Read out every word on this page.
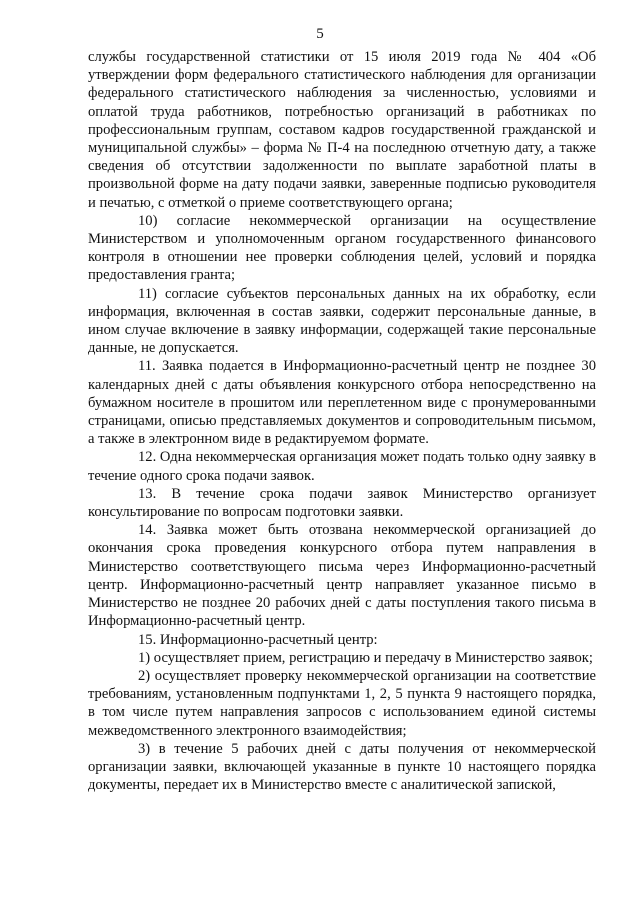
5

службы государственной статистики от 15 июля 2019 года № 404 «Об утверждении форм федерального статистического наблюдения для организации федерального статистического наблюдения за численностью, условиями и оплатой труда работников, потребностью организаций в работниках по профессиональным группам, составом кадров государственной гражданской и муниципальной службы» – форма № П-4 на последнюю отчетную дату, а также сведения об отсутствии задолженности по выплате заработной платы в произвольной форме на дату подачи заявки, заверенные подписью руководителя и печатью, с отметкой о приеме соответствующего органа;

10) согласие некоммерческой организации на осуществление Министерством и уполномоченным органом государственного финансового контроля в отношении нее проверки соблюдения целей, условий и порядка предоставления гранта;

11) согласие субъектов персональных данных на их обработку, если информация, включенная в состав заявки, содержит персональные данные, в ином случае включение в заявку информации, содержащей такие персональные данные, не допускается.

11. Заявка подается в Информационно-расчетный центр не позднее 30 календарных дней с даты объявления конкурсного отбора непосредственно на бумажном носителе в прошитом или переплетенном виде с пронумерованными страницами, описью представляемых документов и сопроводительным письмом, а также в электронном виде в редактируемом формате.

12. Одна некоммерческая организация может подать только одну заявку в течение одного срока подачи заявок.

13. В течение срока подачи заявок Министерство организует консультирование по вопросам подготовки заявки.

14. Заявка может быть отозвана некоммерческой организацией до окончания срока проведения конкурсного отбора путем направления в Министерство соответствующего письма через Информационно-расчетный центр. Информационно-расчетный центр направляет указанное письмо в Министерство не позднее 20 рабочих дней с даты поступления такого письма в Информационно-расчетный центр.

15. Информационно-расчетный центр:

1) осуществляет прием, регистрацию и передачу в Министерство заявок;

2) осуществляет проверку некоммерческой организации на соответствие требованиям, установленным подпунктами 1, 2, 5 пункта 9 настоящего порядка, в том числе путем направления запросов с использованием единой системы межведомственного электронного взаимодействия;

3) в течение 5 рабочих дней с даты получения от некоммерческой организации заявки, включающей указанные в пункте 10 настоящего порядка документы, передает их в Министерство вместе с аналитической запиской,
